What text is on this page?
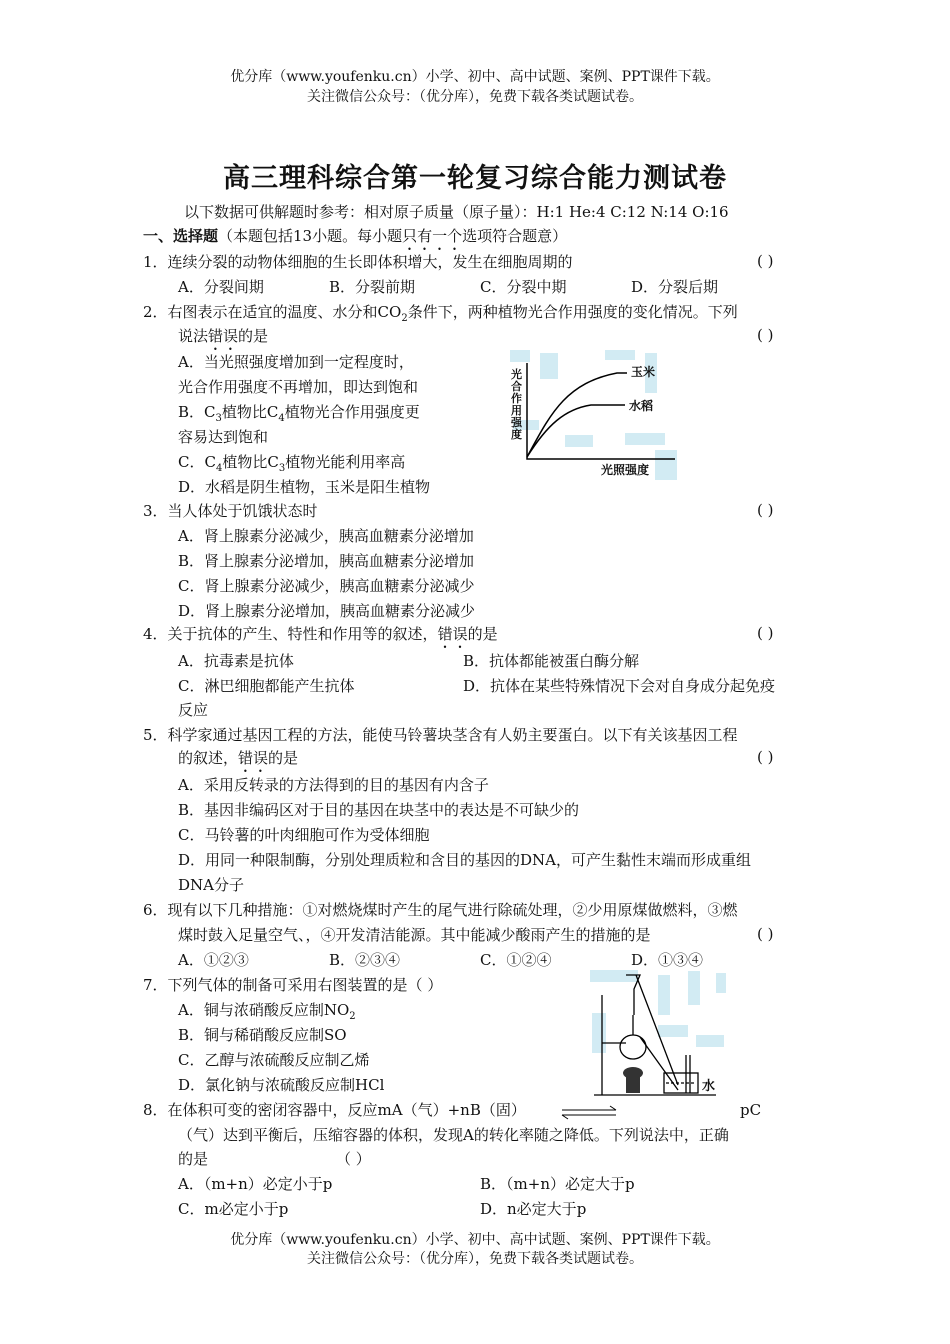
优分库（www.youfenku.cn）小学、初中、高中试题、案例、PPT课件下载。
关注微信公众号：（优分库），免费下载各类试题试卷。
高三理科综合第一轮复习综合能力测试卷
以下数据可供解题时参考：相对原子质量（原子量）：H:1 He:4 C:12 N:14 O:16
一、选择题（本题包括13小题。每小题只有一个选项符合题意）
1．连续分裂的动物体细胞的生长即体积增大，发生在细胞周期的	( )
A．分裂间期	B．分裂前期	C．分裂中期	D．分裂后期
2．右图表示在适宜的温度、水分和$CO_2$条件下，两种植物光合作用强度的变化情况。下列
说法错误的是	( )
A．当光照强度增加到一定程度时，
光合作用强度不再增加，即达到饱和
B．$C_3$植物比$C_4$植物光合作用强度更
容易达到饱和
C．$C_4$植物比$C_3$植物光能利用率高
D．水稻是阴生植物，玉米是阳生植物
光
合
作
用
强
度
玉米
水稻
光照强度
3．当人体处于饥饿状态时	( )
A．肾上腺素分泌减少，胰高血糖素分泌增加
B．肾上腺素分泌增加，胰高血糖素分泌增加
C．肾上腺素分泌减少，胰高血糖素分泌减少
D．肾上腺素分泌增加，胰高血糖素分泌减少
4．关于抗体的产生、特性和作用等的叙述，错误的是	( )
A．抗毒素是抗体	B．抗体都能被蛋白酶分解
C．淋巴细胞都能产生抗体	D．抗体在某些特殊情况下会对自身成分起免疫
反应
5．科学家通过基因工程的方法，能使马铃薯块茎含有人奶主要蛋白。以下有关该基因工程
的叙述，错误的是	( )
A．采用反转录的方法得到的目的基因有内含子
B．基因非编码区对于目的基因在块茎中的表达是不可缺少的
C．马铃薯的叶肉细胞可作为受体细胞
D．用同一种限制酶，分别处理质粒和含目的基因的DNA，可产生黏性末端而形成重组
DNA分子
6．现有以下几种措施：①对燃烧煤时产生的尾气进行除硫处理，②少用原煤做燃料，③燃
煤时鼓入足量空气、，④开发清洁能源。其中能减少酸雨产生的措施的是	( )
A．①②③	B．②③④	C．①②④	D．①③④
7．下列气体的制备可采用右图装置的是（ ）
A．铜与浓硝酸反应制$NO_2$
B．铜与稀硝酸反应制SO
C．乙醇与浓硫酸反应制乙烯
D．氯化钠与浓硫酸反应制HCl	水
8．在体积可变的密闭容器中，反应mA（气）+nB（固）	pC
（气）达到平衡后，压缩容器的体积，发现A的转化率随之降低。下列说法中，正确
的是	（ ）
A．（m+n）必定小于p	B．（m+n）必定大于p
C．m必定小于p	D．n必定大于p
优分库（www.youfenku.cn）小学、初中、高中试题、案例、PPT课件下载。
关注微信公众号：（优分库），免费下载各类试题试卷。
